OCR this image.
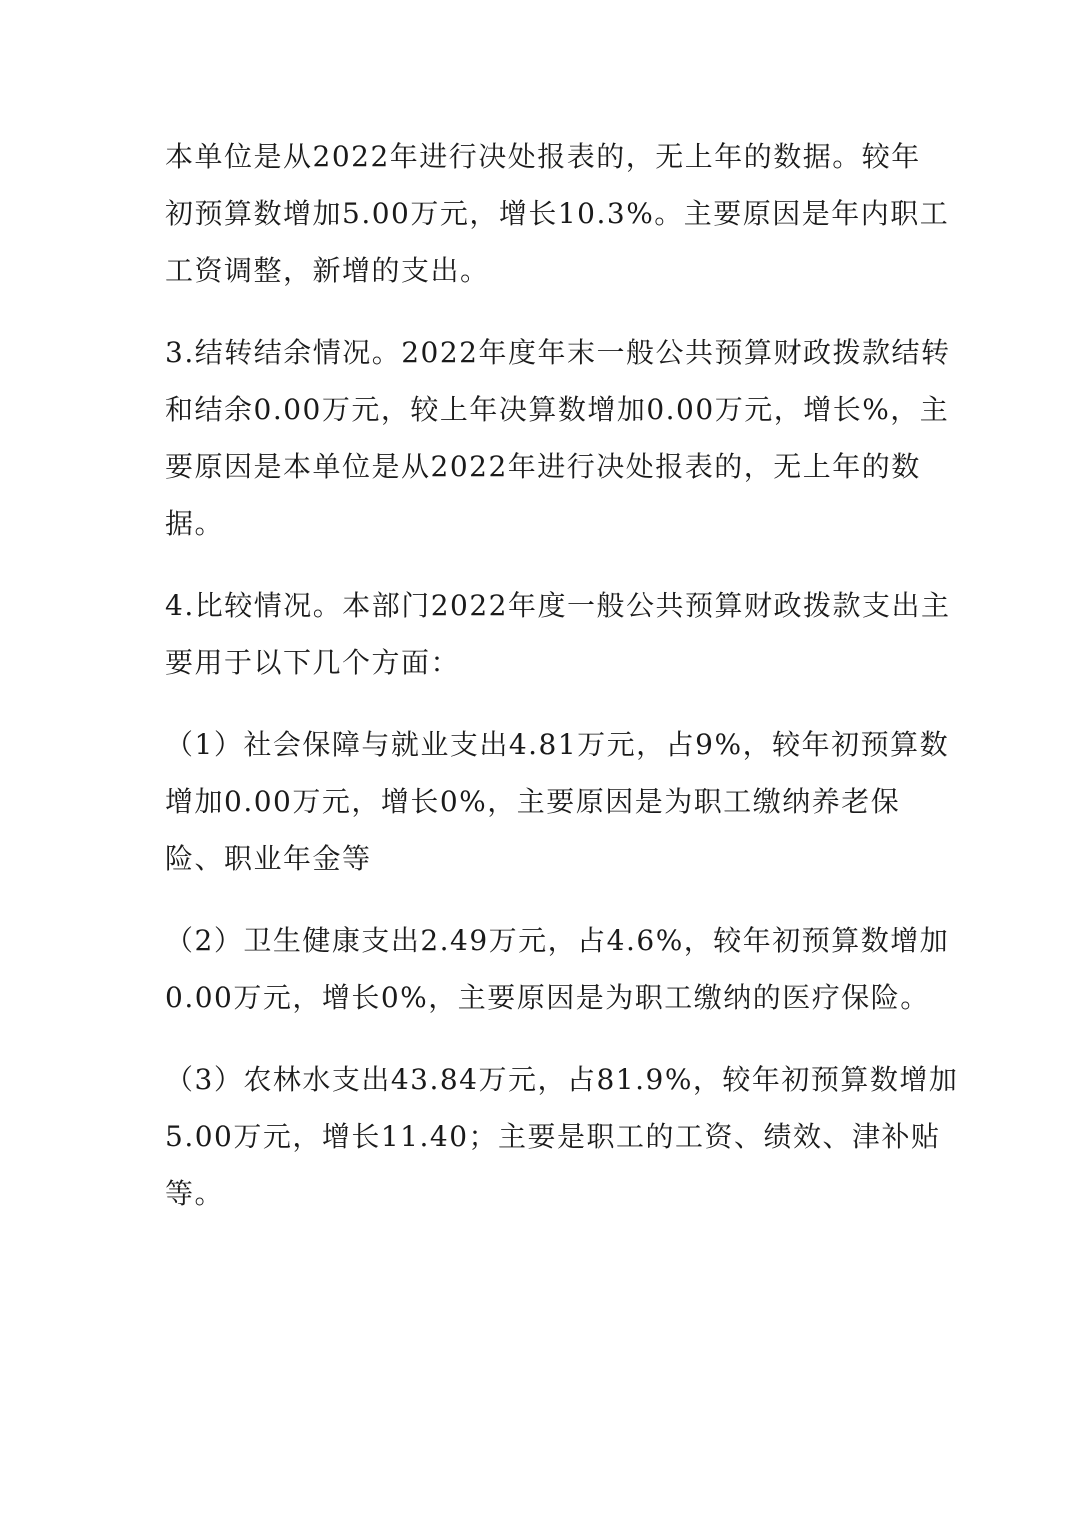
本单位是从2022年进行决处报表的，无上年的数据。较年
初预算数增加5.00万元，增长10.3%。主要原因是年内职工
工资调整，新增的支出。

3.结转结余情况。2022年度年末一般公共预算财政拨款结转
和结余0.00万元，较上年决算数增加0.00万元，增长%，主
要原因是本单位是从2022年进行决处报表的，无上年的数
据。

4.比较情况。本部门2022年度一般公共预算财政拨款支出主
要用于以下几个方面：

（1）社会保障与就业支出4.81万元，占9%，较年初预算数
增加0.00万元，增长0%，主要原因是为职工缴纳养老保
险、职业年金等

（2）卫生健康支出2.49万元，占4.6%，较年初预算数增加
0.00万元，增长0%，主要原因是为职工缴纳的医疗保险。

（3）农林水支出43.84万元，占81.9%，较年初预算数增加
5.00万元，增长11.40；主要是职工的工资、绩效、津补贴
等。
